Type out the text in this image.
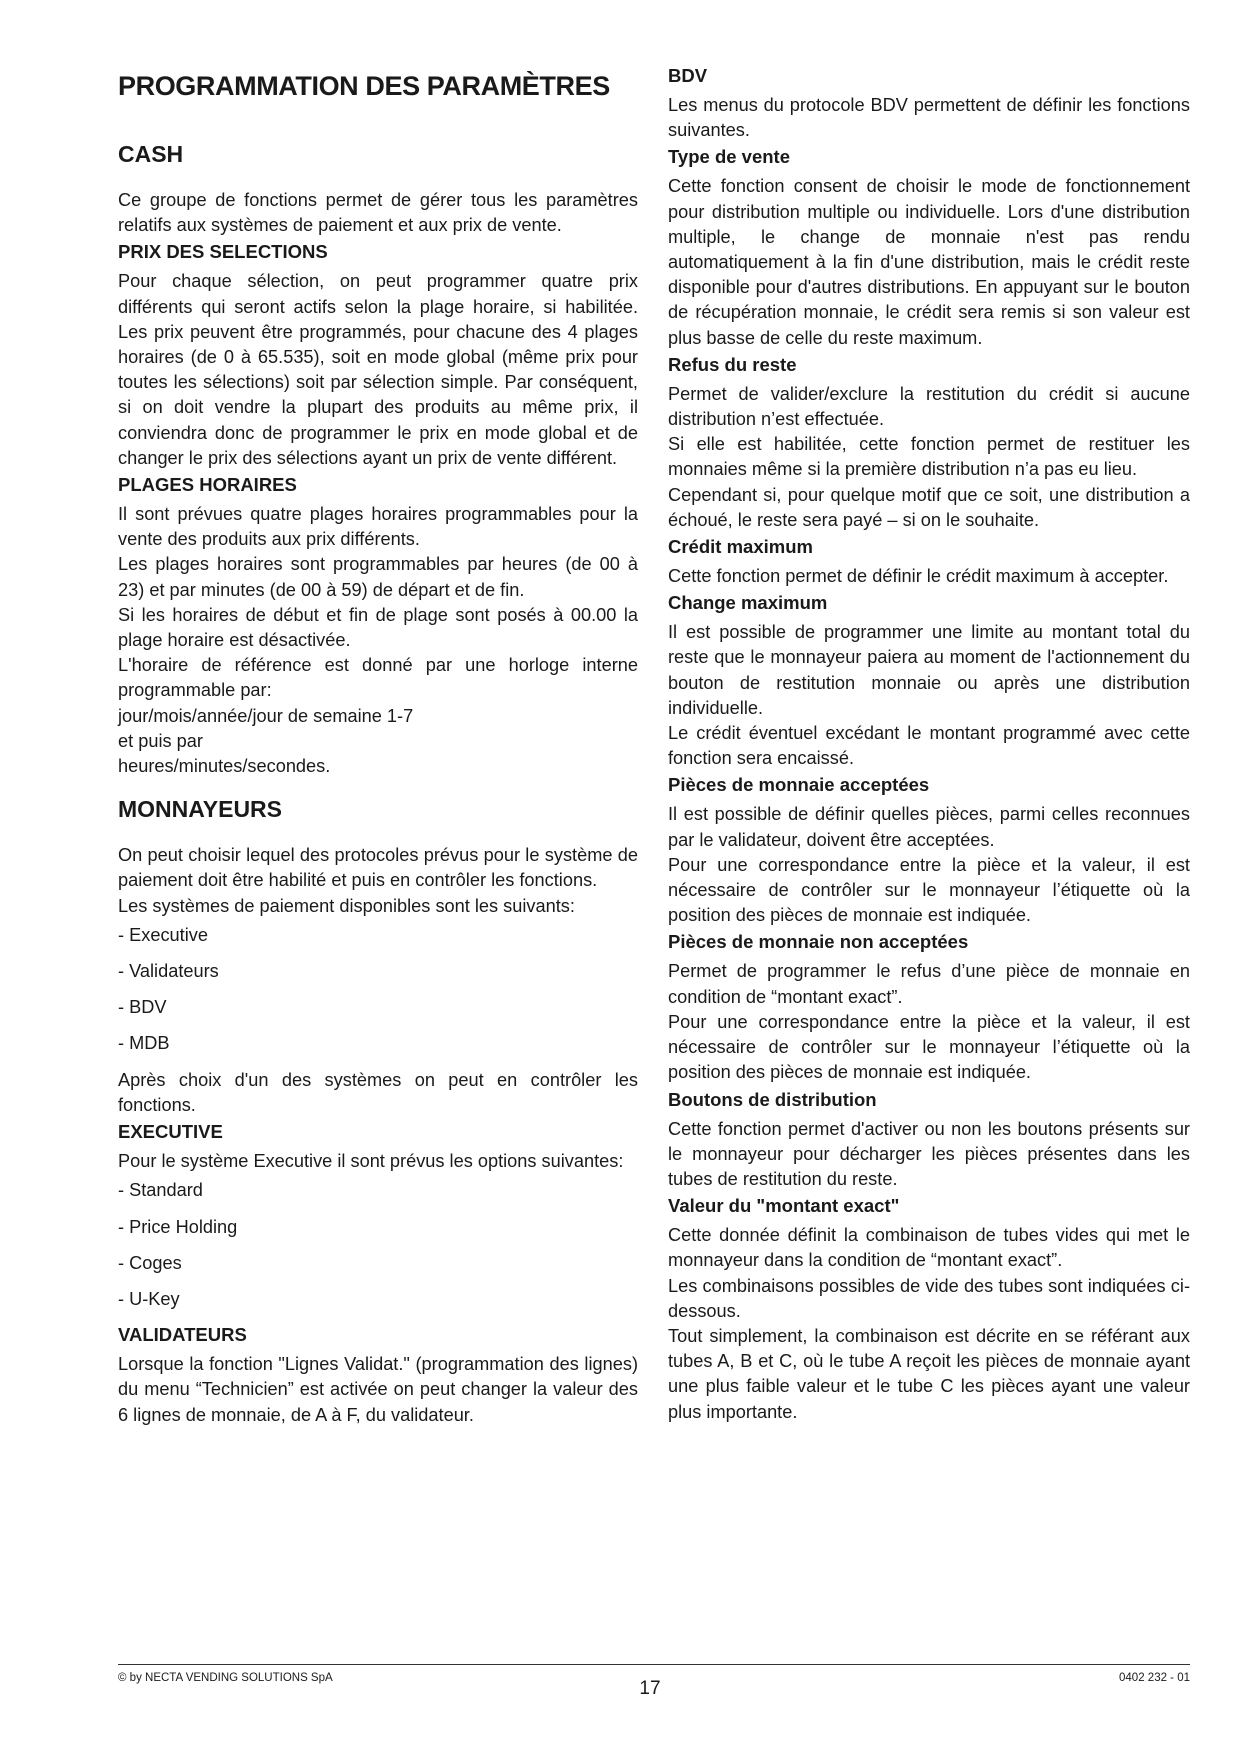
PROGRAMMATION DES PARAMÈTRES
CASH

Ce groupe de fonctions permet de gérer tous les paramètres relatifs aux systèmes de paiement et aux prix de vente.

PRIX DES SELECTIONS

Pour chaque sélection, on peut programmer quatre prix différents qui seront actifs selon la plage horaire, si habilitée. Les prix peuvent être programmés, pour chacune des 4 plages horaires (de 0 à 65.535), soit en mode global (même prix pour toutes les sélections) soit par sélection simple. Par conséquent, si on doit vendre la plupart des produits au même prix, il conviendra donc de programmer le prix en mode global et de changer le prix des sélections ayant un prix de vente différent.

PLAGES HORAIRES

Il sont prévues quatre plages horaires programmables pour la vente des produits aux prix différents.

Les plages horaires sont programmables par heures (de 00 à 23) et par minutes (de 00 à 59) de départ et de fin.

Si les horaires de début et fin de plage sont posés à 00.00 la plage horaire est désactivée.

L'horaire de référence est donné par une horloge interne programmable par:

jour/mois/année/jour de semaine 1-7

et puis par

heures/minutes/secondes.

MONNAYEURS

On peut choisir lequel des protocoles prévus pour le système de paiement doit être habilité et puis en contrôler les fonctions.

Les systèmes de paiement disponibles sont les suivants:

- Executive

- Validateurs

- BDV

- MDB

Après choix d'un des systèmes on peut en contrôler les fonctions.

EXECUTIVE

Pour le système Executive il sont prévus les options suivantes:

- Standard

- Price Holding

- Coges

- U-Key

VALIDATEURS

Lorsque la fonction "Lignes Validat." (programmation des lignes) du menu “Technicien” est activée on peut changer la valeur des 6 lignes de monnaie, de A à F, du validateur.

BDV

Les menus du protocole BDV permettent de définir les fonctions suivantes.

Type de vente

Cette fonction consent de choisir le mode de fonctionnement pour distribution multiple ou individuelle. Lors d'une distribution multiple, le change de monnaie n'est pas rendu automatiquement à la fin d'une distribution, mais le crédit reste disponible pour d'autres distributions. En appuyant sur le bouton de récupération monnaie, le crédit sera remis si son valeur est plus basse de celle du reste maximum.

Refus du reste

Permet de valider/exclure la restitution du crédit si aucune distribution n’est effectuée.

Si elle est habilitée, cette fonction permet de restituer les monnaies même si la première distribution n’a pas eu lieu.

Cependant si, pour quelque motif que ce soit, une distribution a échoué, le reste sera payé – si on le souhaite.

Crédit maximum

Cette fonction permet de définir le crédit maximum à accepter.

Change maximum

Il est possible de programmer une limite au montant total du reste que le monnayeur paiera au moment de l'actionnement du bouton de restitution monnaie ou après une distribution individuelle.

Le crédit éventuel excédant le montant programmé avec cette fonction sera encaissé.

Pièces de monnaie acceptées

Il est possible de définir quelles pièces, parmi celles reconnues par le validateur, doivent être acceptées.

Pour une correspondance entre la pièce et la valeur, il est nécessaire de contrôler sur le monnayeur l’étiquette où la position des pièces de monnaie est indiquée.

Pièces de monnaie non acceptées

Permet de programmer le refus d’une pièce de monnaie en condition de “montant exact”.

Pour une correspondance entre la pièce et la valeur, il est nécessaire de contrôler sur le monnayeur l’étiquette où la position des pièces de monnaie est indiquée.

Boutons de distribution

Cette fonction permet d'activer ou non les boutons présents sur le monnayeur pour décharger les pièces présentes dans les tubes de restitution du reste.

Valeur du "montant exact"

Cette donnée définit la combinaison de tubes vides qui met le monnayeur dans la condition de “montant exact”.

Les combinaisons possibles de vide des tubes sont indiquées ci-dessous.

Tout simplement, la combinaison est décrite en se référant aux tubes A, B et C, où le tube A reçoit les pièces de monnaie ayant une plus faible valeur et le tube C les pièces ayant une valeur plus importante.

© by NECTA VENDING SOLUTIONS SpA	17	0402 232 - 01
